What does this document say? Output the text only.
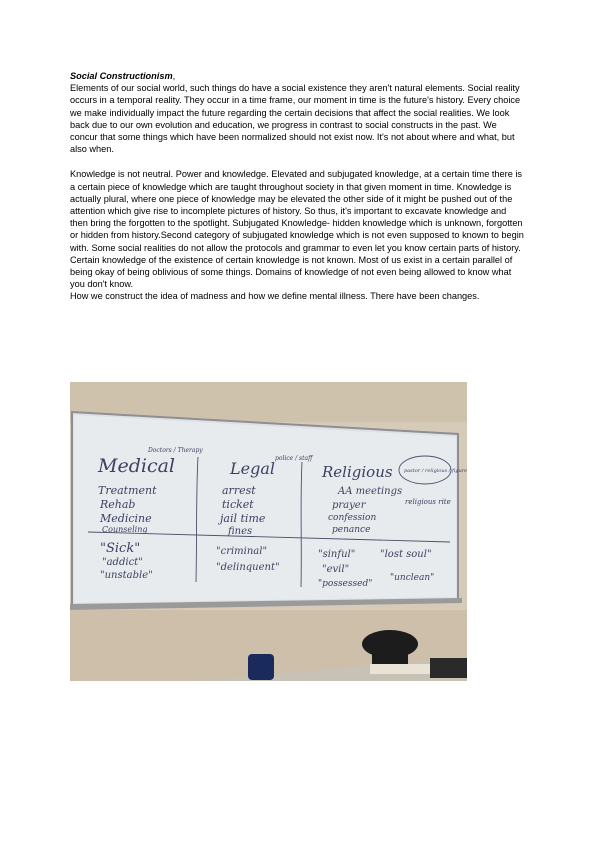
Social Constructionism,

Elements of our social world, such things do have a social existence they aren't natural elements. Social reality occurs in a temporal reality. They occur in a time frame, our moment in time is the future's history. Every choice we make individually impact the future regarding the certain decisions that affect the social realities. We look back due to our own evolution and education, we progress in contrast to social constructs in the past. We concur that some things which have been normalized should not exist now. It's not about where and what, but also when.

Knowledge is not neutral. Power and knowledge. Elevated and subjugated knowledge, at a certain time there is a certain piece of knowledge which are taught throughout society in that given moment in time. Knowledge is actually plural, where one piece of knowledge may be elevated the other side of it might be pushed out of the attention which give rise to incomplete pictures of history. So thus, it's important to excavate knowledge and then bring the forgotten to the spotlight. Subjugated Knowledge- hidden knowledge which is unknown, forgotten or hidden from history.Second category of subjugated knowledge which is not even supposed to known to begin with. Some social realities do not allow the protocols and grammar to even let you know certain parts of history. Certain knowledge of the existence of certain knowledge is not known. Most of us exist in a certain parallel of being okay of being oblivious of some things. Domains of knowledge of not even being allowed to know what you don't know.

How we construct the idea of madness and how we define mental illness. There have been changes.

Medical
Doctors / Therapy
Treatment
Rehab
Medicine
Counseling
"Sick"
"addict"
"unstable"
Legal
police / staff
arrest
ticket
jail time
fines
"criminal"
"delinquent"
Religious pastor / religious / figure
AA meetings
prayer
confession
penance
religious rite
"sinful" "lost soul"
"evil"
"possessed"
"unclean"
